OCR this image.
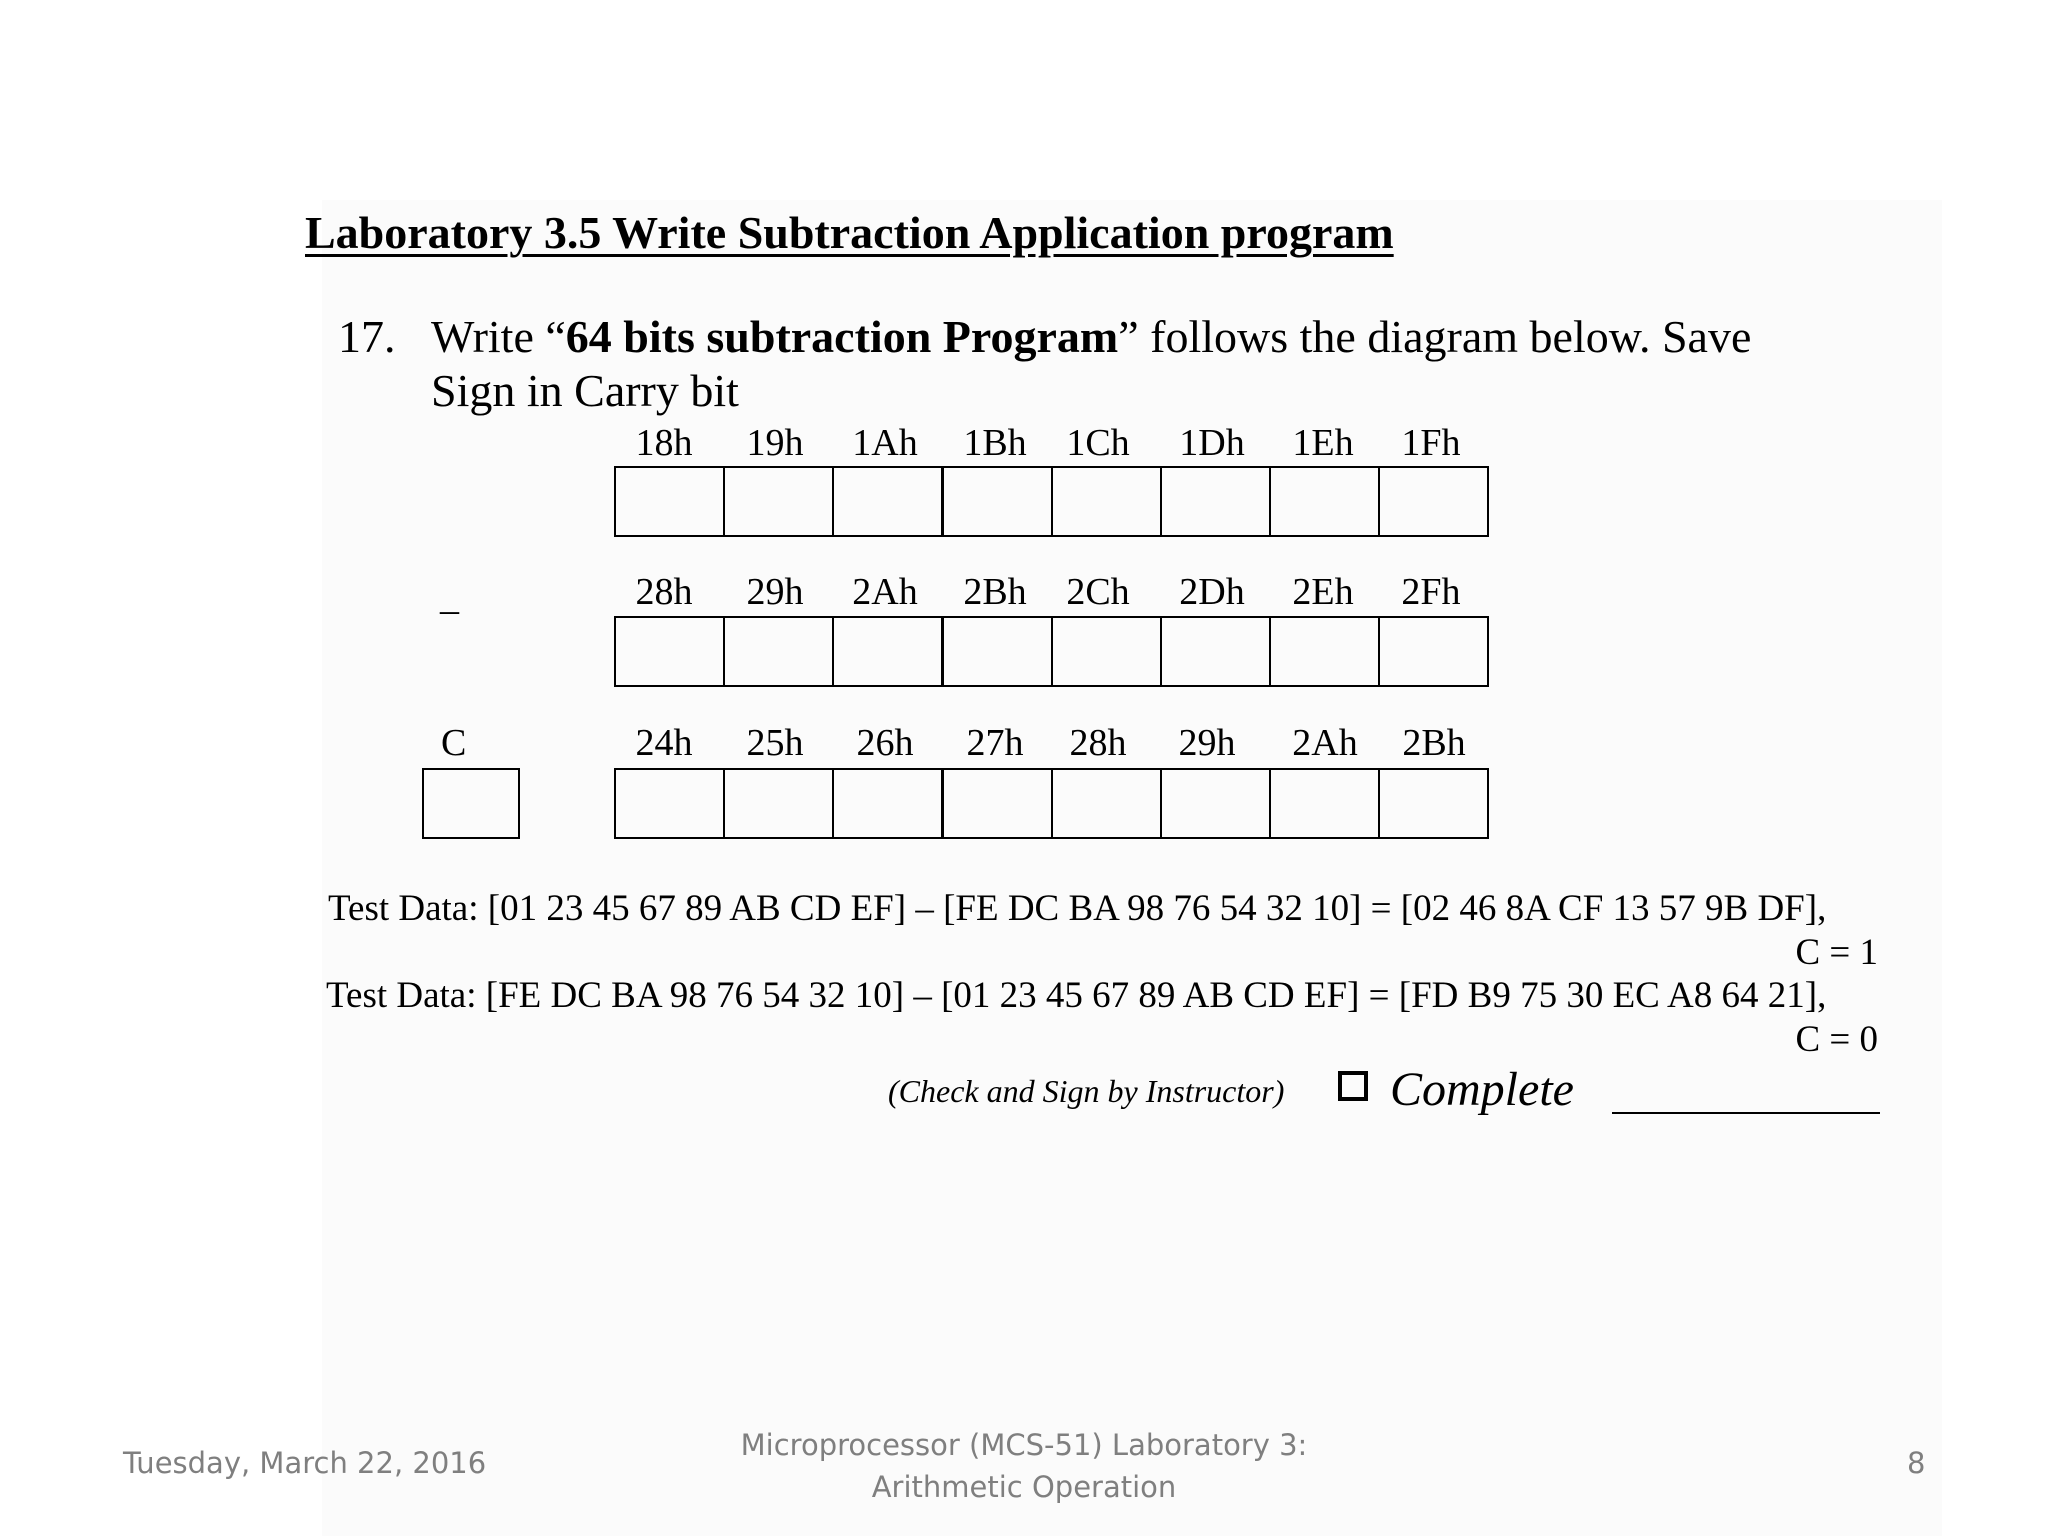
Laboratory 3.5 Write Subtraction Application program
17. Write “64 bits subtraction Program” follows the diagram below. Save
Sign in Carry bit
18h	19h	1Ah	1Bh	1Ch	1Dh	1Eh	1Fh
_	28h	29h	2Ah	2Bh	2Ch	2Dh	2Eh	2Fh
C	24h	25h	26h	27h	28h	29h	2Ah	2Bh
Test Data: [01 23 45 67 89 AB CD EF] – [FE DC BA 98 76 54 32 10] = [02 46 8A CF 13 57 9B DF],
C = 1
Test Data: [FE DC BA 98 76 54 32 10] – [01 23 45 67 89 AB CD EF] = [FD B9 75 30 EC A8 64 21],
C = 0
(Check and Sign by Instructor) Complete
Tuesday, March 22, 2016
Microprocessor (MCS-51) Laboratory 3:
Arithmetic Operation
8
